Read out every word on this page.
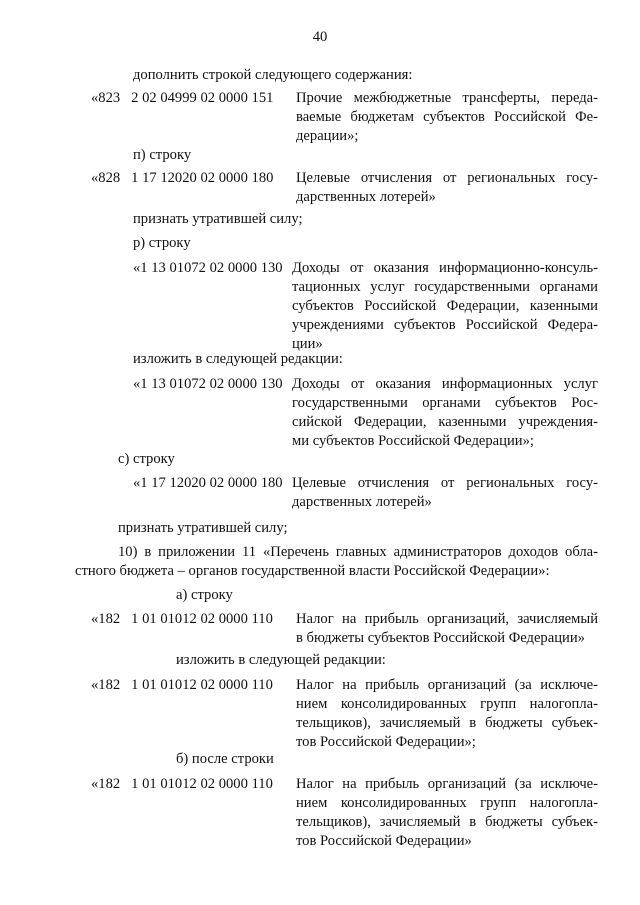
40
дополнить строкой следующего содержания:
«823   2 02 04999 02 0000 151 Прочие межбюджетные трансферты, переда-
ваемые бюджетам субъектов Российской Фе-
дерации»;
п) строку
«828   1 17 12020 02 0000 180 Целевые отчисления от региональных госу-
дарственных лотерей»
признать утратившей силу;
р) строку
«1 13 01072 02 0000 130 Доходы от оказания информационно-консуль-
тационных услуг государственными органами
субъектов Российской Федерации, казенными
учреждениями субъектов Российской Федера-
ции»
изложить в следующей редакции:
«1 13 01072 02 0000 130 Доходы от оказания информационных услуг
государственными органами субъектов Рос-
сийской Федерации, казенными учреждения-
ми субъектов Российской Федерации»;
с) строку
«1 17 12020 02 0000 180 Целевые отчисления от региональных госу-
дарственных лотерей»
признать утратившей силу;
10) в приложении 11 «Перечень главных администраторов доходов обла-
стного бюджета – органов государственной власти Российской Федерации»:
а) строку
«182   1 01 01012 02 0000 110 Налог на прибыль организаций, зачисляемый
в бюджеты субъектов Российской Федерации»
изложить в следующей редакции:
«182   1 01 01012 02 0000 110 Налог на прибыль организаций (за исключе-
нием консолидированных групп налогопла-
тельщиков), зачисляемый в бюджеты субъек-
тов Российской Федерации»;
б) после строки
«182   1 01 01012 02 0000 110 Налог на прибыль организаций (за исключе-
нием консолидированных групп налогопла-
тельщиков), зачисляемый в бюджеты субъек-
тов Российской Федерации»
